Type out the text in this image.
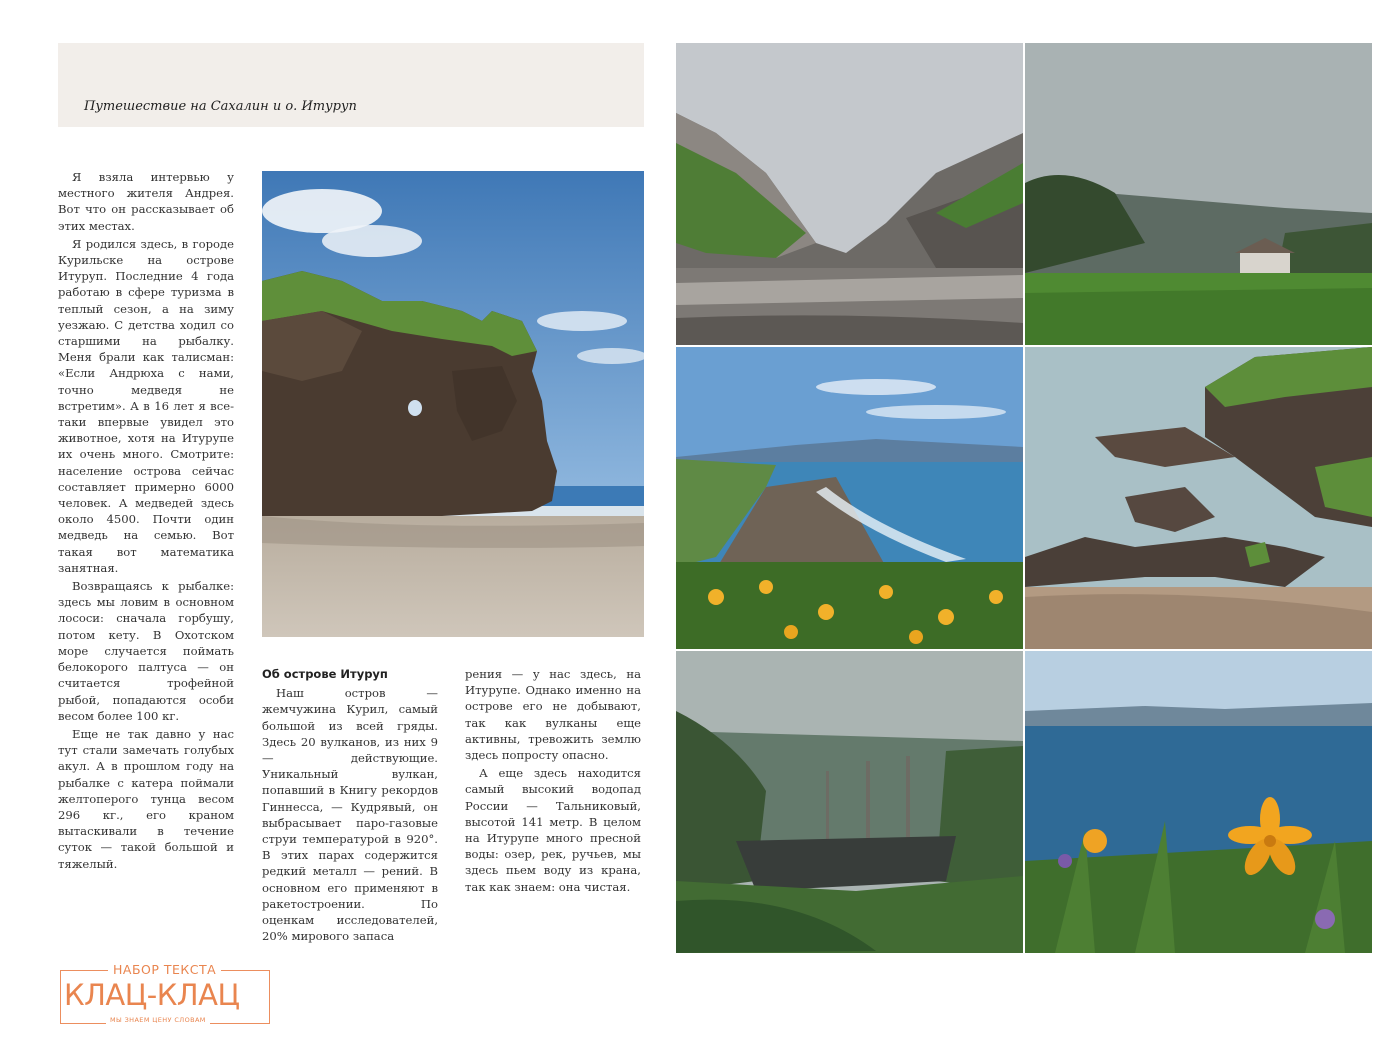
Путешествие на Сахалин и о. Итуруп

Я взяла интервью у местного жителя Андрея. Вот что он рассказывает об этих местах.

Я родился здесь, в городе Курильске на острове Итуруп. Последние 4 года работаю в сфере туризма в теплый сезон, а на зиму уезжаю. С детства ходил со старшими на рыбалку. Меня брали как талисман: «Если Андрюха с нами, точно медведя не встретим». А в 16 лет я все-таки впервые увидел это животное, хотя на Итурупе их очень много. Смотрите: население острова сейчас составляет примерно 6000 человек. А медведей здесь около 4500. Почти один медведь на семью. Вот такая вот математика занятная.

Возвращаясь к рыбалке: здесь мы ловим в основном лососи: сначала горбушу, потом кету. В Охотском море случается поймать белокорого палтуса — он считается трофейной рыбой, попадаются особи весом более 100 кг.

Еще не так давно у нас тут стали замечать голубых акул. А в прошлом году на рыбалке с катера поймали желтоперого тунца весом 296 кг., его краном вытаскивали в течение суток — такой большой и тяжелый.

Об острове Итуруп

Наш остров — жемчужина Курил, самый большой из всей гряды. Здесь 20 вулканов, из них 9 — действующие. Уникальный вулкан, попавший в Книгу рекордов Гиннесса, — Кудрявый, он выбрасывает паро-газовые струи температурой в 920°. В этих парах содержится редкий металл — рений. В основном его применяют в ракетостроении. По оценкам исследователей, 20% мирового запаса

рения — у нас здесь, на Итурупе. Однако именно на острове его не добывают, так как вулканы еще активны, тревожить землю здесь попросту опасно.

А еще здесь находится самый высокий водопад России — Тальниковый, высотой 141 метр. В целом на Итурупе много пресной воды: озер, рек, ручьев, мы здесь пьем воду из крана, так как знаем: она чистая.

НАБОР ТЕКСТА
КЛАЦ-КЛАЦ
МЫ ЗНАЕМ ЦЕНУ СЛОВАМ
